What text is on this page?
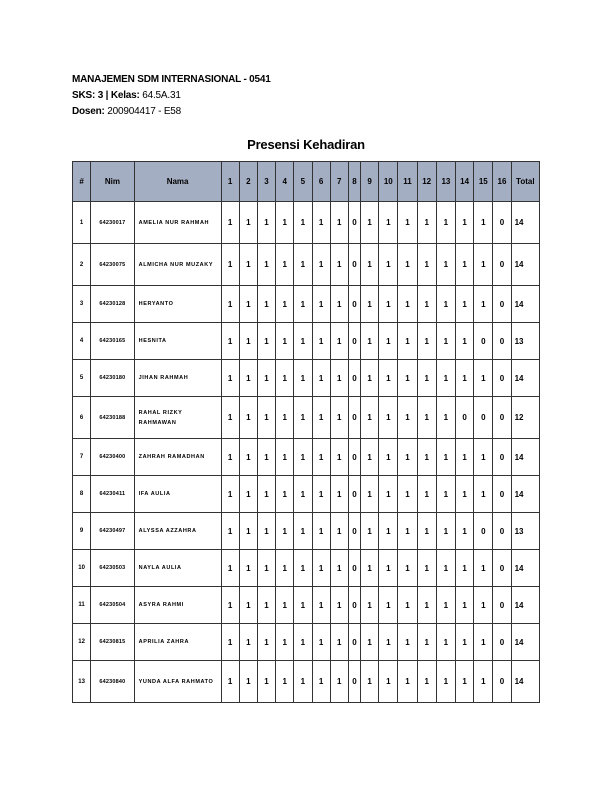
MANAJEMEN SDM INTERNASIONAL - 0541
SKS: 3 | Kelas: 64.5A.31
Dosen: 200904417 - E58
Presensi Kehadiran
#	Nim	Nama	1	2	3	4	5	6	7	8	9	10	11	12	13	14	15	16	Total
1	64230017	AMELIA NUR RAHMAH	1	1	1	1	1	1	1	0	1	1	1	1	1	1	1	0	14
2	64230075	ALMICHA NUR MUZAKY	1	1	1	1	1	1	1	0	1	1	1	1	1	1	1	0	14
3	64230128	HERYANTO	1	1	1	1	1	1	1	0	1	1	1	1	1	1	1	0	14
4	64230165	HESNITA	1	1	1	1	1	1	1	0	1	1	1	1	1	1	0	0	13
5	64230180	JIHAN RAHMAH	1	1	1	1	1	1	1	0	1	1	1	1	1	1	1	0	14
6	64230188	RAHAL RIZKY RAHMAWAN	1	1	1	1	1	1	1	0	1	1	1	1	1	0	0	0	12
7	64230400	ZAHRAH RAMADHAN	1	1	1	1	1	1	1	0	1	1	1	1	1	1	1	0	14
8	64230411	IFA AULIA	1	1	1	1	1	1	1	0	1	1	1	1	1	1	1	0	14
9	64230497	ALYSSA AZZAHRA	1	1	1	1	1	1	1	0	1	1	1	1	1	1	0	0	13
10	64230503	NAYLA AULIA	1	1	1	1	1	1	1	0	1	1	1	1	1	1	1	0	14
11	64230504	ASYRA RAHMI	1	1	1	1	1	1	1	0	1	1	1	1	1	1	1	0	14
12	64230815	APRILIA ZAHRA	1	1	1	1	1	1	1	0	1	1	1	1	1	1	1	0	14
13	64230840	YUNDA ALFA RAHMATO	1	1	1	1	1	1	1	0	1	1	1	1	1	1	1	0	14
